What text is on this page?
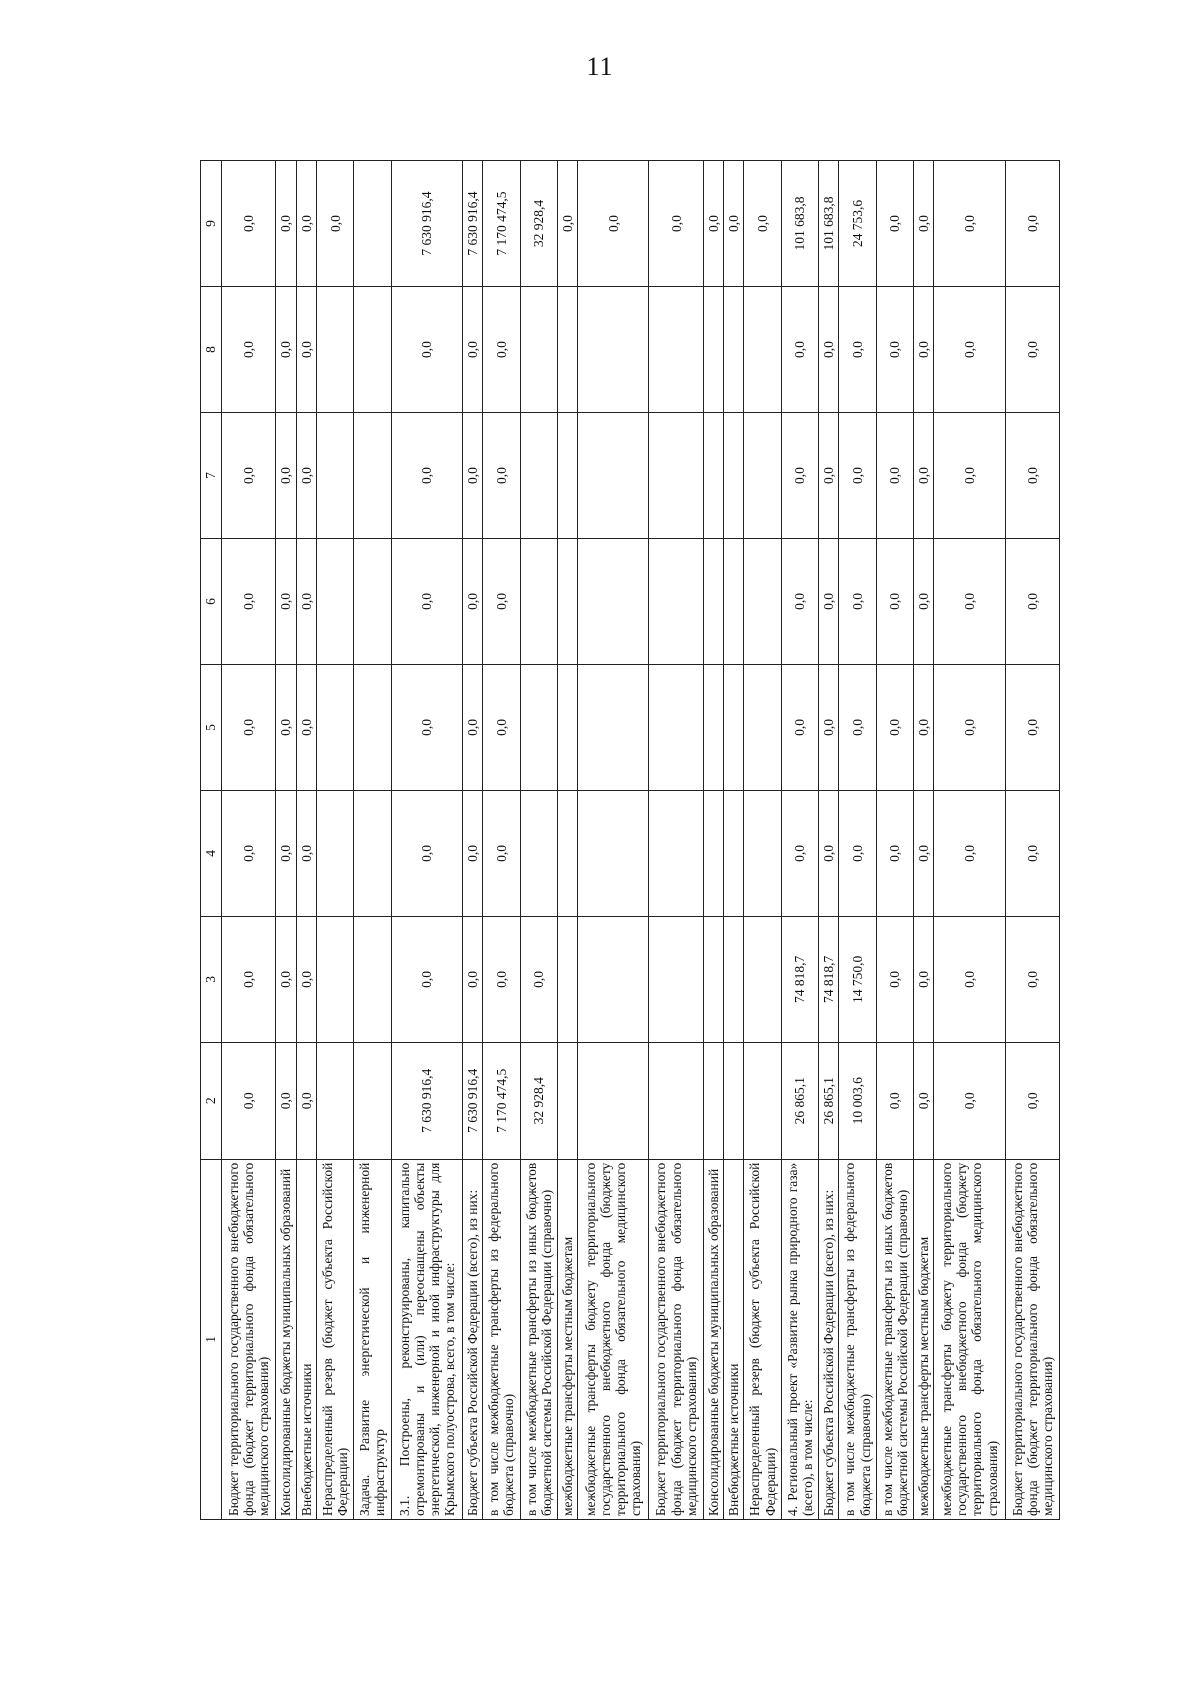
11
1	2	3	4	5	6	7	8	9
Бюджет территориального государственного внебюджетного фонда (бюджет территориального фонда обязательного медицинского страхования)	0,0	0,0	0,0	0,0	0,0	0,0	0,0	0,0
Консолидированные бюджеты муниципальных образований	0,0	0,0	0,0	0,0	0,0	0,0	0,0	0,0
Внебюджетные источники	0,0	0,0	0,0	0,0	0,0	0,0	0,0	0,0
Нераспределенный резерв (бюджет субъекта Российской Федерации)								0,0
Задача. Развитие энергетической и инженерной инфраструктур								
3.1. Построены, реконструированы, капитально отремонтированы и (или) переоснащены объекты энергетической, инженерной и иной инфраструктуры для Крымского полуострова, всего, в том числе:	7 630 916,4	0,0	0,0	0,0	0,0	0,0	0,0	7 630 916,4
Бюджет субъекта Российской Федерации (всего), из них:	7 630 916,4	0,0	0,0	0,0	0,0	0,0	0,0	7 630 916,4
в том числе межбюджетные трансферты из федерального бюджета (справочно)	7 170 474,5	0,0	0,0	0,0	0,0	0,0	0,0	7 170 474,5
в том числе межбюджетные трансферты из иных бюджетов бюджетной системы Российской Федерации (справочно)	32 928,4	0,0						32 928,4
межбюджетные трансферты местным бюджетам								0,0
межбюджетные трансферты бюджету территориального государственного внебюджетного фонда (бюджету территориального фонда обязательного медицинского страхования)								0,0
Бюджет территориального государственного внебюджетного фонда (бюджет территориального фонда обязательного медицинского страхования)								0,0
Консолидированные бюджеты муниципальных образований								0,0
Внебюджетные источники								0,0
Нераспределенный резерв (бюджет субъекта Российской Федерации)								0,0
4. Региональный проект «Развитие рынка природного газа» (всего), в том числе:	26 865,1	74 818,7	0,0	0,0	0,0	0,0	0,0	101 683,8
Бюджет субъекта Российской Федерации (всего), из них:	26 865,1	74 818,7	0,0	0,0	0,0	0,0	0,0	101 683,8
в том числе межбюджетные трансферты из федерального бюджета (справочно)	10 003,6	14 750,0	0,0	0,0	0,0	0,0	0,0	24 753,6
в том числе межбюджетные трансферты из иных бюджетов бюджетной системы Российской Федерации (справочно)	0,0	0,0	0,0	0,0	0,0	0,0	0,0	0,0
межбюджетные трансферты местным бюджетам	0,0	0,0	0,0	0,0	0,0	0,0	0,0	0,0
межбюджетные трансферты бюджету территориального государственного внебюджетного фонда (бюджету территориального фонда обязательного медицинского страхования)	0,0	0,0	0,0	0,0	0,0	0,0	0,0	0,0
Бюджет территориального государственного внебюджетного фонда (бюджет территориального фонда обязательного медицинского страхования)	0,0	0,0	0,0	0,0	0,0	0,0	0,0	0,0
